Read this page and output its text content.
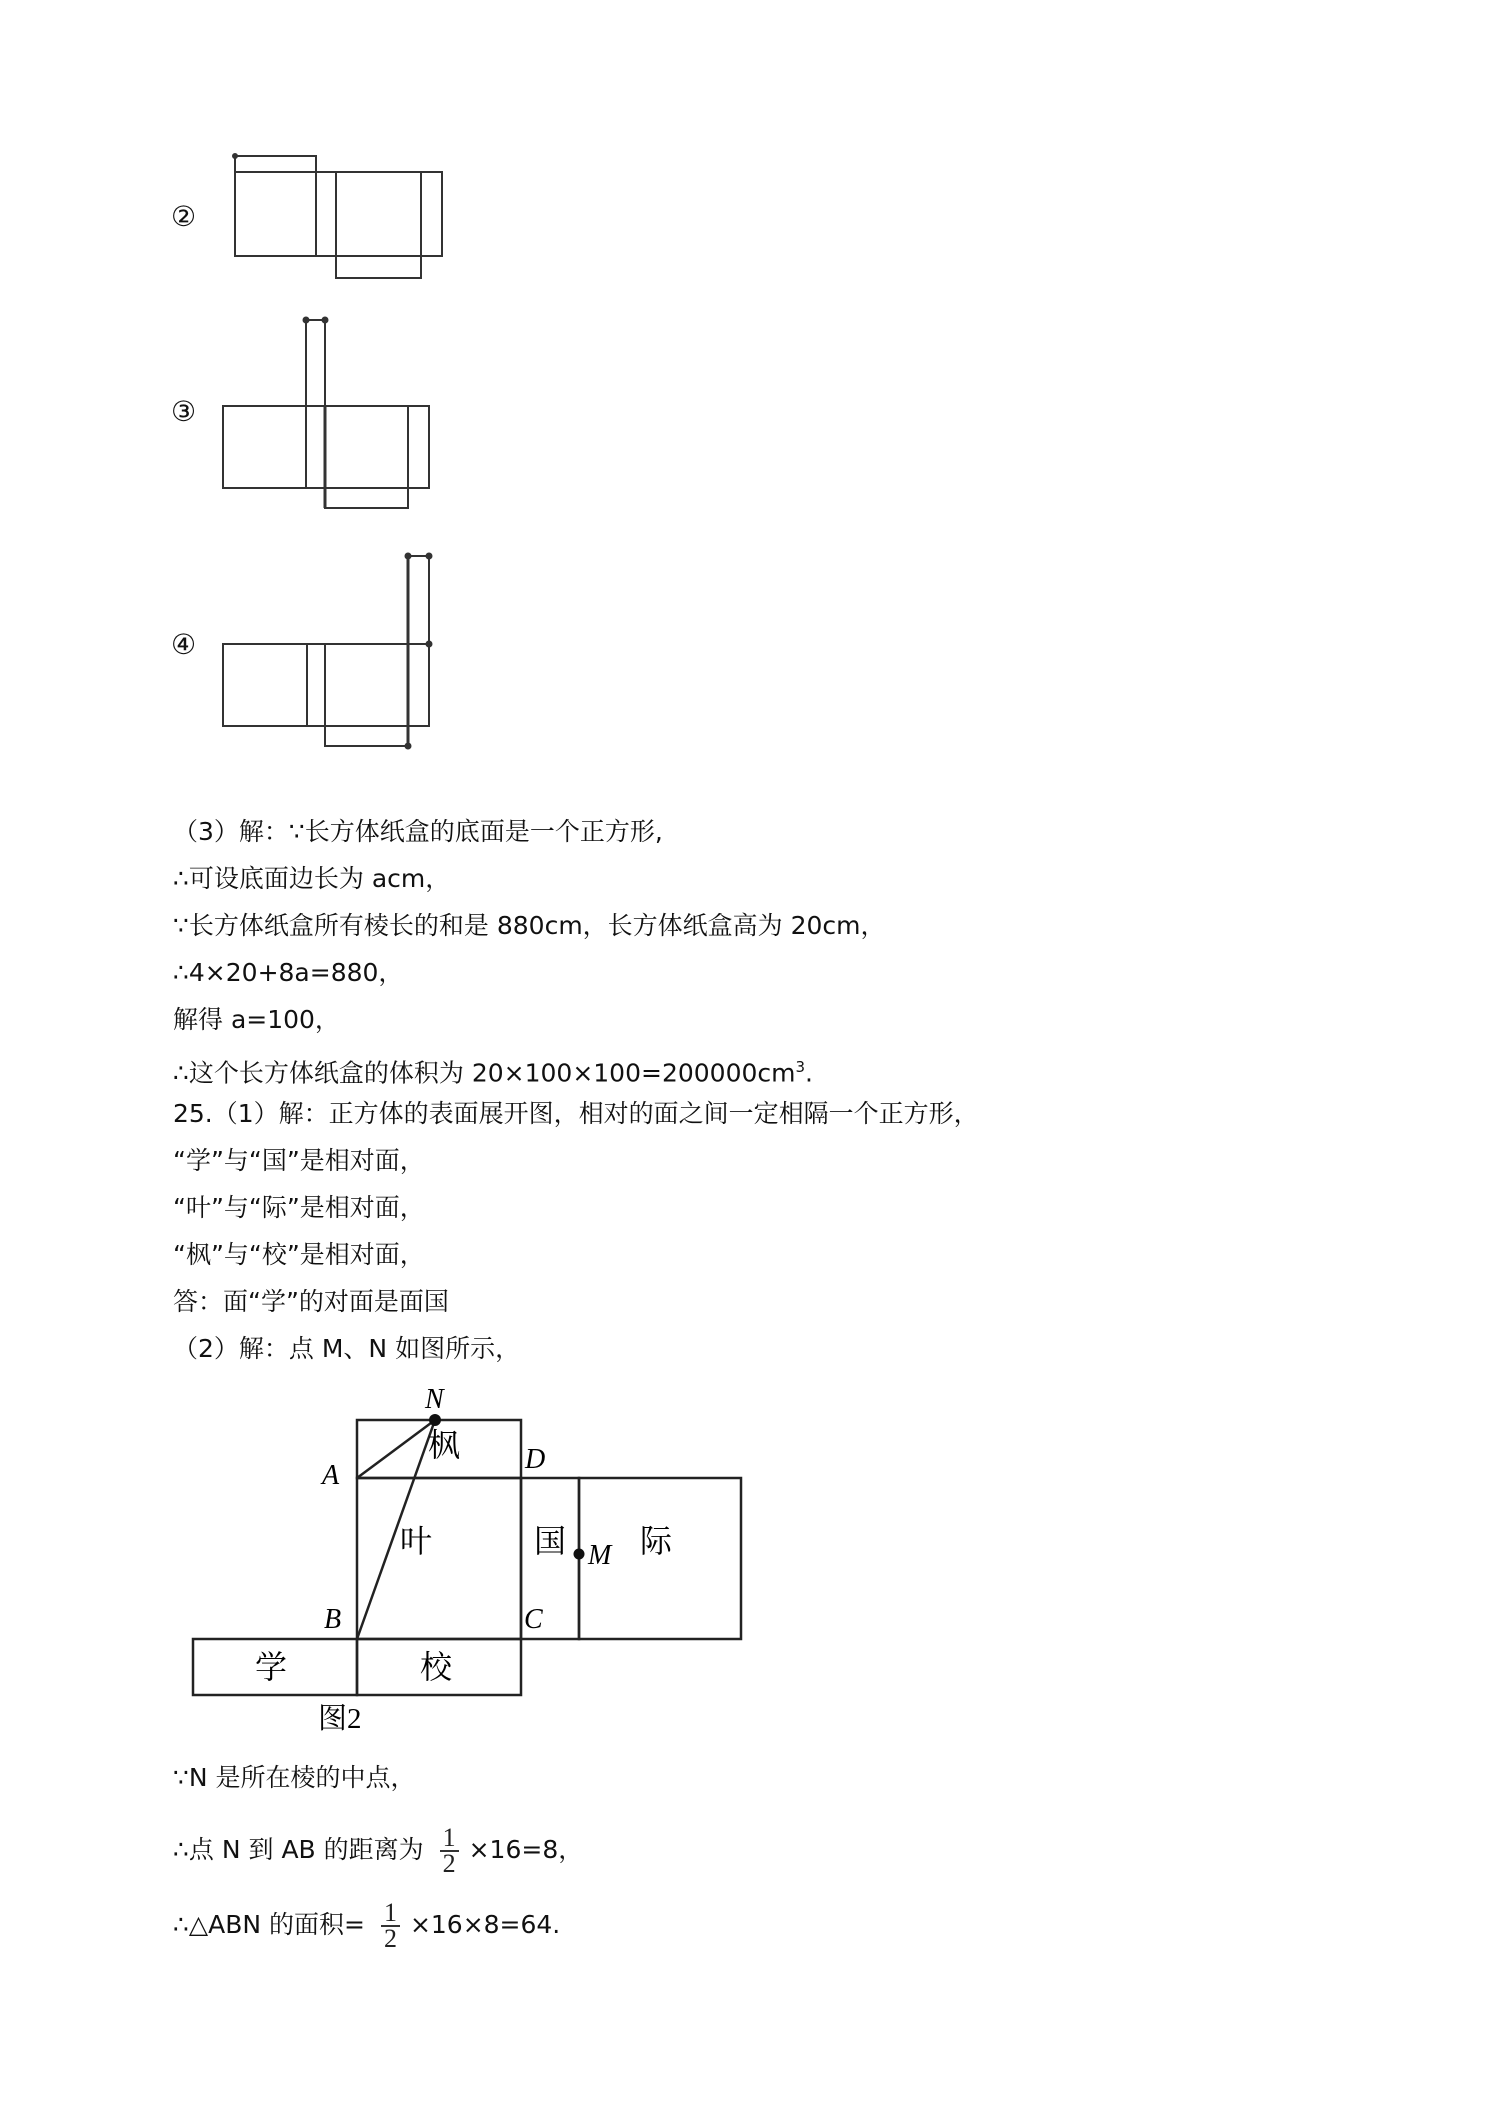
②
③
④
（3）解：∵长方体纸盒的底面是一个正方形,
∴可设底面边长为 acm，
∵长方体纸盒所有棱长的和是 880cm，长方体纸盒高为 20cm，
∴4×20+8a=880，
解得 a=100，
∴这个长方体纸盒的体积为 $20\times 100\times 100=200000cm^3$.
25.（1）解：正方体的表面展开图，相对的面之间一定相隔一个正方形，
“学”与“国”是相对面，
“叶”与“际”是相对面，
“枫”与“校”是相对面，
答：面“学”的对面是面国
（2）解：点 M、N 如图所示，
N
A
D
B	C
M
枫
叶	国 际
学	校
图2
∵N 是所在棱的中点，
∴点 N 到 AB 的距离为 $\frac{1}{2} \times 16=8$，
∴△ABN 的面积= $\frac{1}{2} \times 16\times 8=64$.
